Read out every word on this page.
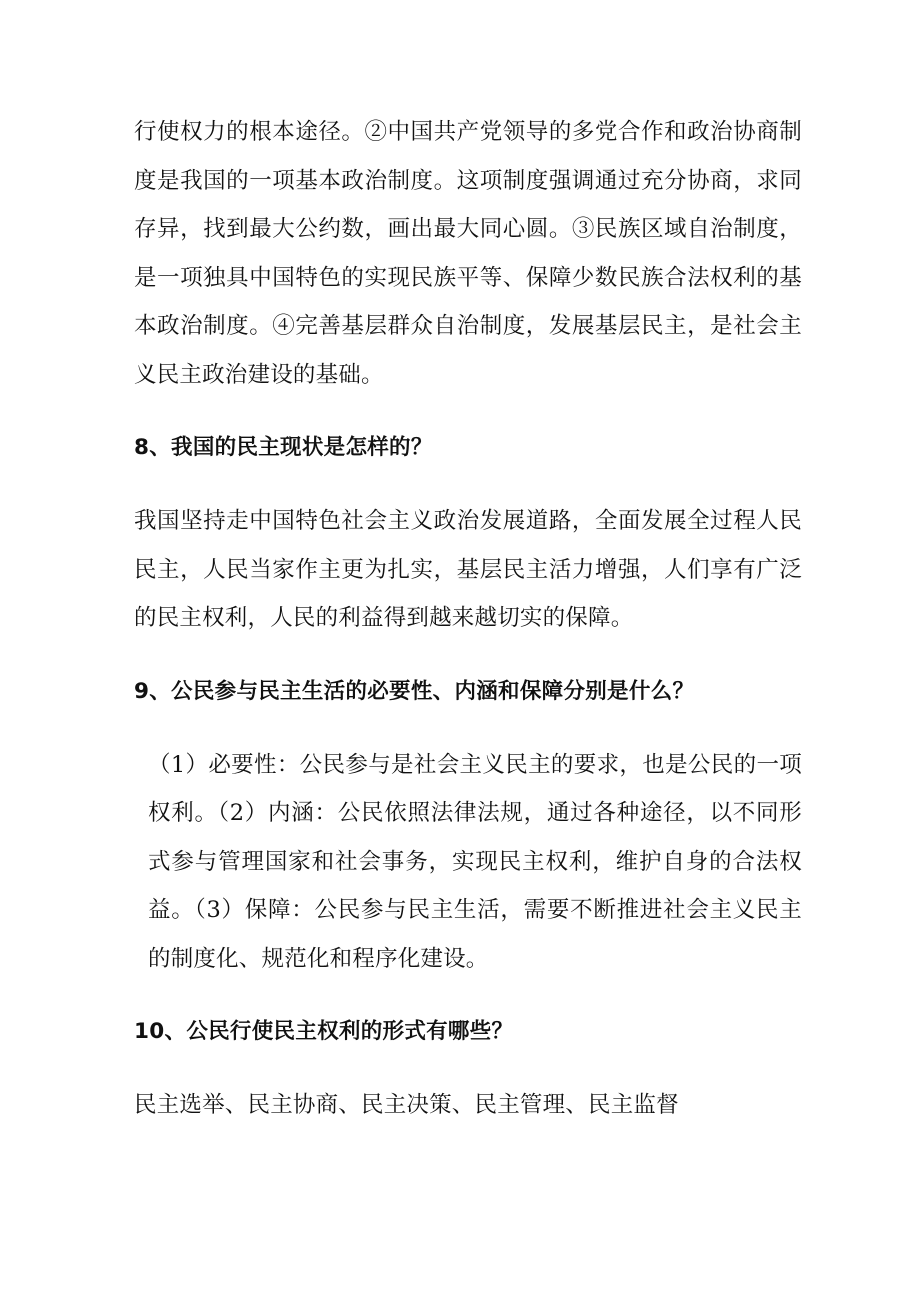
行使权力的根本途径。②中国共产党领导的多党合作和政治协商制度是我国的一项基本政治制度。这项制度强调通过充分协商，求同存异，找到最大公约数，画出最大同心圆。③民族区域自治制度，是一项独具中国特色的实现民族平等、保障少数民族合法权利的基本政治制度。④完善基层群众自治制度，发展基层民主，是社会主义民主政治建设的基础。

8、我国的民主现状是怎样的？

我国坚持走中国特色社会主义政治发展道路，全面发展全过程人民民主，人民当家作主更为扎实，基层民主活力增强，人们享有广泛的民主权利，人民的利益得到越来越切实的保障。

9、公民参与民主生活的必要性、内涵和保障分别是什么？

（1）必要性：公民参与是社会主义民主的要求，也是公民的一项权利。（2）内涵：公民依照法律法规，通过各种途径，以不同形式参与管理国家和社会事务，实现民主权利，维护自身的合法权益。（3）保障：公民参与民主生活，需要不断推进社会主义民主的制度化、规范化和程序化建设。

10、公民行使民主权利的形式有哪些？

民主选举、民主协商、民主决策、民主管理、民主监督
